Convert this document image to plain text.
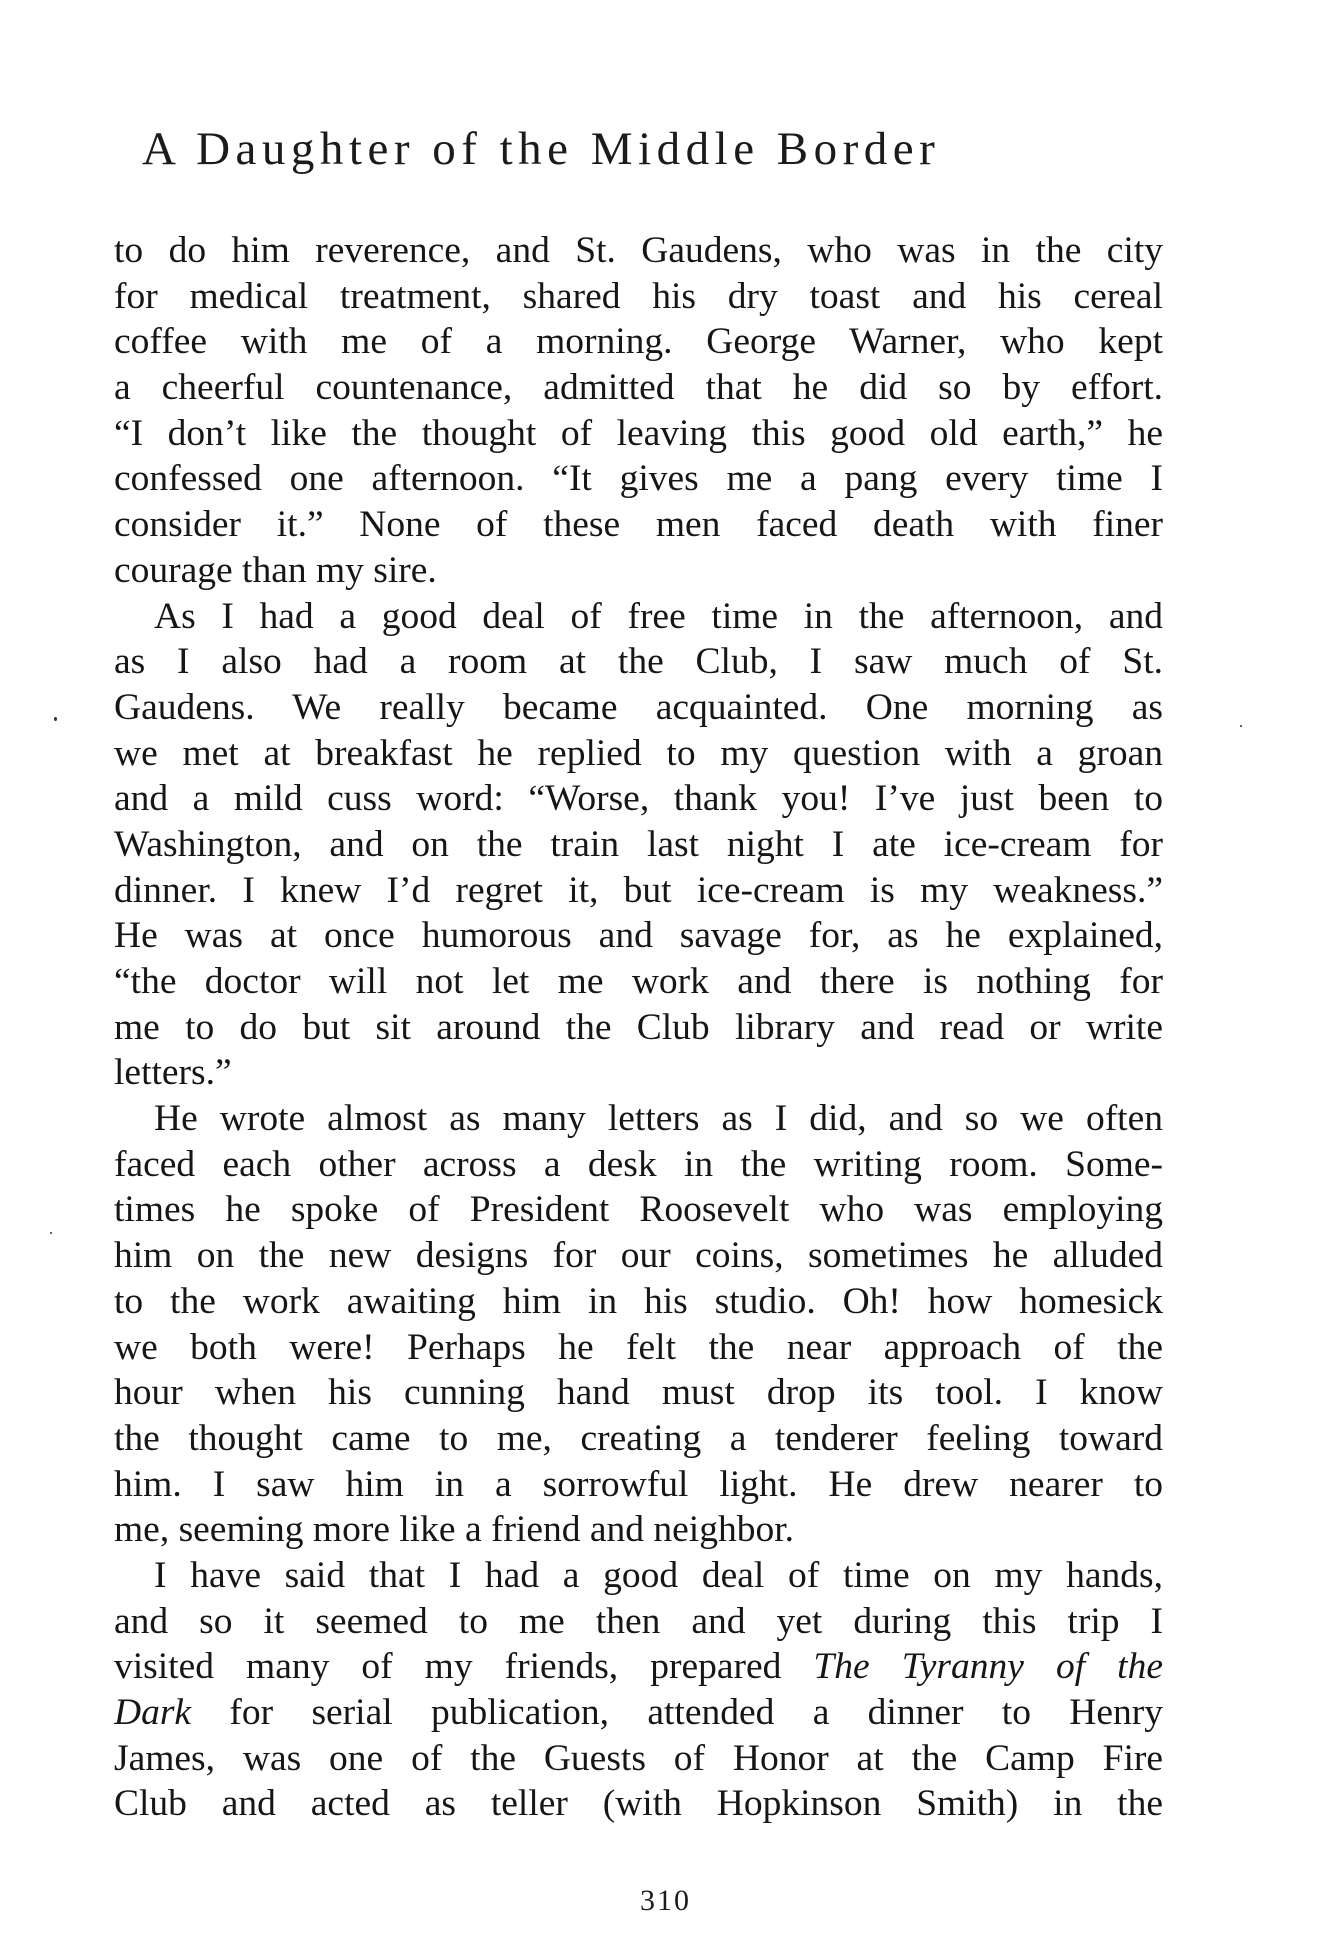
A Daughter of the Middle Border
to do him reverence, and St. Gaudens, who was in the city
for medical treatment, shared his dry toast and his cereal
coffee with me of a morning. George Warner, who kept
a cheerful countenance, admitted that he did so by effort.
“I don’t like the thought of leaving this good old earth,” he
confessed one afternoon. “It gives me a pang every time I
consider it.” None of these men faced death with finer
courage than my sire.
As I had a good deal of free time in the afternoon, and
as I also had a room at the Club, I saw much of St.
Gaudens. We really became acquainted. One morning as
we met at breakfast he replied to my question with a groan
and a mild cuss word: “Worse, thank you! I’ve just been to
Washington, and on the train last night I ate ice-cream for
dinner. I knew I’d regret it, but ice-cream is my weakness.”
He was at once humorous and savage for, as he explained,
“the doctor will not let me work and there is nothing for
me to do but sit around the Club library and read or write
letters.”
He wrote almost as many letters as I did, and so we often
faced each other across a desk in the writing room. Some-
times he spoke of President Roosevelt who was employing
him on the new designs for our coins, sometimes he alluded
to the work awaiting him in his studio. Oh! how homesick
we both were! Perhaps he felt the near approach of the
hour when his cunning hand must drop its tool. I know
the thought came to me, creating a tenderer feeling toward
him. I saw him in a sorrowful light. He drew nearer to
me, seeming more like a friend and neighbor.
I have said that I had a good deal of time on my hands,
and so it seemed to me then and yet during this trip I
visited many of my friends, prepared The Tyranny of the
Dark for serial publication, attended a dinner to Henry
James, was one of the Guests of Honor at the Camp Fire
Club and acted as teller (with Hopkinson Smith) in the
310
